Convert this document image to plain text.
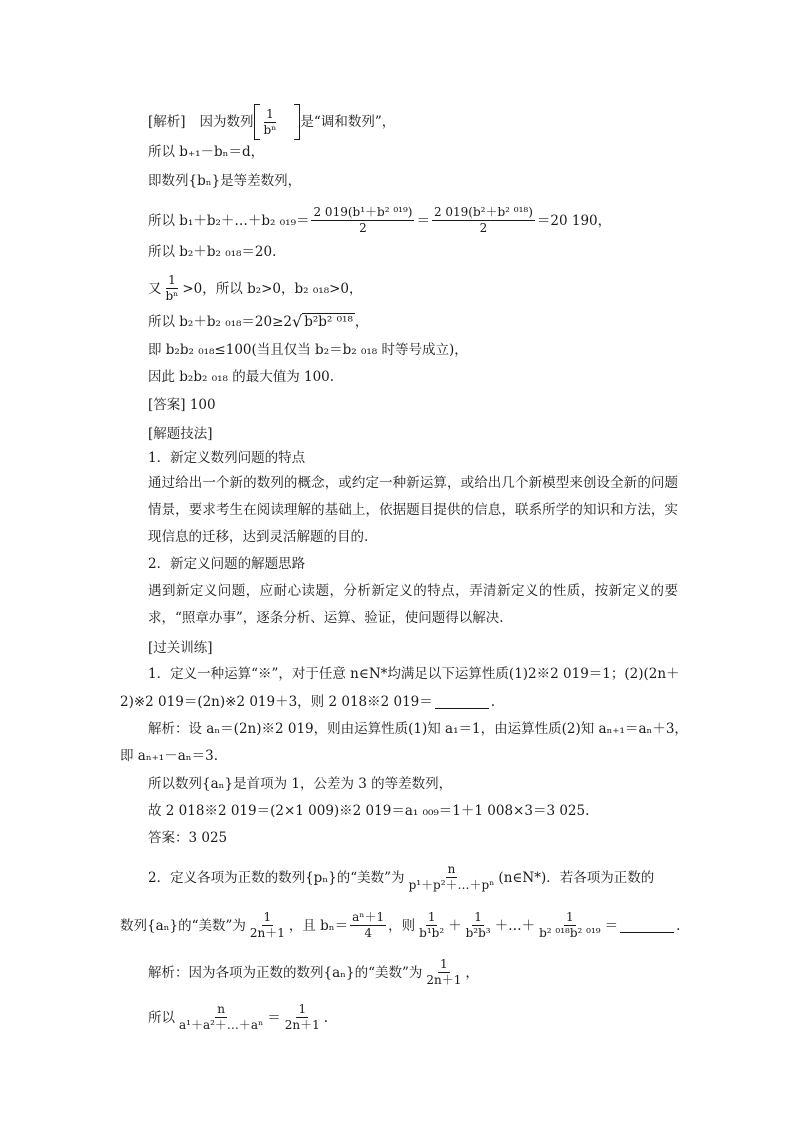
[解析] 因为数列 $\frac{1}{\text{bⁿ}}$ 是“调和数列”，
所以 b ₊₁－bₙ＝d，
即数列{bₙ}是等差数列，
所以 b₁＋b₂＋…＋b₂ $_{019}= \frac{\text{2 019(b¹＋b² ⁰¹⁹)}}{2} = \frac{\text{2 019(b²＋b² ⁰¹⁸)}}{2} =20$ 190，
所以 b₂＋b₂ ₀₁₈＝20.
又 $\frac{1}{\text{bⁿ}} >0$，所以 b₂>0，b₂ ₀₁₈>0，
所以 b₂＋b₂ ₀₁₈＝20≥2 √ b²b² ⁰¹⁸ ，
即 b₂b₂ ₀₁₈≤100(当且仅当 b₂＝b₂ ₀₁₈ 时等号成立)，
因此 b₂b₂ ₀₁₈ 的最大值为 100.
[答案] 100
[解题技法]
1．新定义数列问题的特点
通过给出一个新的数列的概念，或约定一种新运算，或给出几个新模型来创设全新的问题情景，要求考生在阅读理解的基础上，依据题目提供的信息，联系所学的知识和方法，实现信息的迁移，达到灵活解题的目的.
2．新定义问题的解题思路
遇到新定义问题，应耐心读题，分析新定义的特点，弄清新定义的性质，按新定义的要求，“照章办事”，逐条分析、运算、验证，使问题得以解决.
[过关训练]
1．定义一种运算“※”，对于任意 n∈N*均满足以下运算性质(1)2※2 019＝1；(2)(2n＋
2)※2 019＝(2n)※2 019＋3，则 2 018※2 019＝	.
解析：设 aₙ＝(2n)※2 019，则由运算性质(1)知 a₁＝1，由运算性质(2)知 aₙ₊₁＝aₙ＋3，
即 aₙ₊₁－aₙ＝3.
所以数列{aₙ}是首项为 1，公差为 3 的等差数列，
故 2 018※2 019＝(2×1 009)※2 019＝a₁ ₀₀₉＝1＋1 008×3＝3 025.
答案：3 025
2．定义各项为正数的数列{pₙ}的“美数”为 $\frac{n}{\text{p¹＋p²＋…＋pⁿ}}$ (n∈N*)．若各项为正数的
数列{aₙ}的“美数”为 $\frac{1}{2n+1}$ ，且 $b_n= \frac{\text{aⁿ＋1}}{4}$ ，则 $\frac{1}{\text{b¹b²}} + \frac{1}{\text{b²b³}}$ ＋…＋ $\frac{1}{\text{b² ⁰¹⁸b² ⁰¹⁹}}$ ＝	.
解析：因为各项为正数的数列{aₙ}的“美数”为 $\frac{1}{2n+1}$ ，
所以 $\frac{n}{\text{a¹＋a²＋…＋aⁿ}} = \frac{1}{2n+1}$ .
